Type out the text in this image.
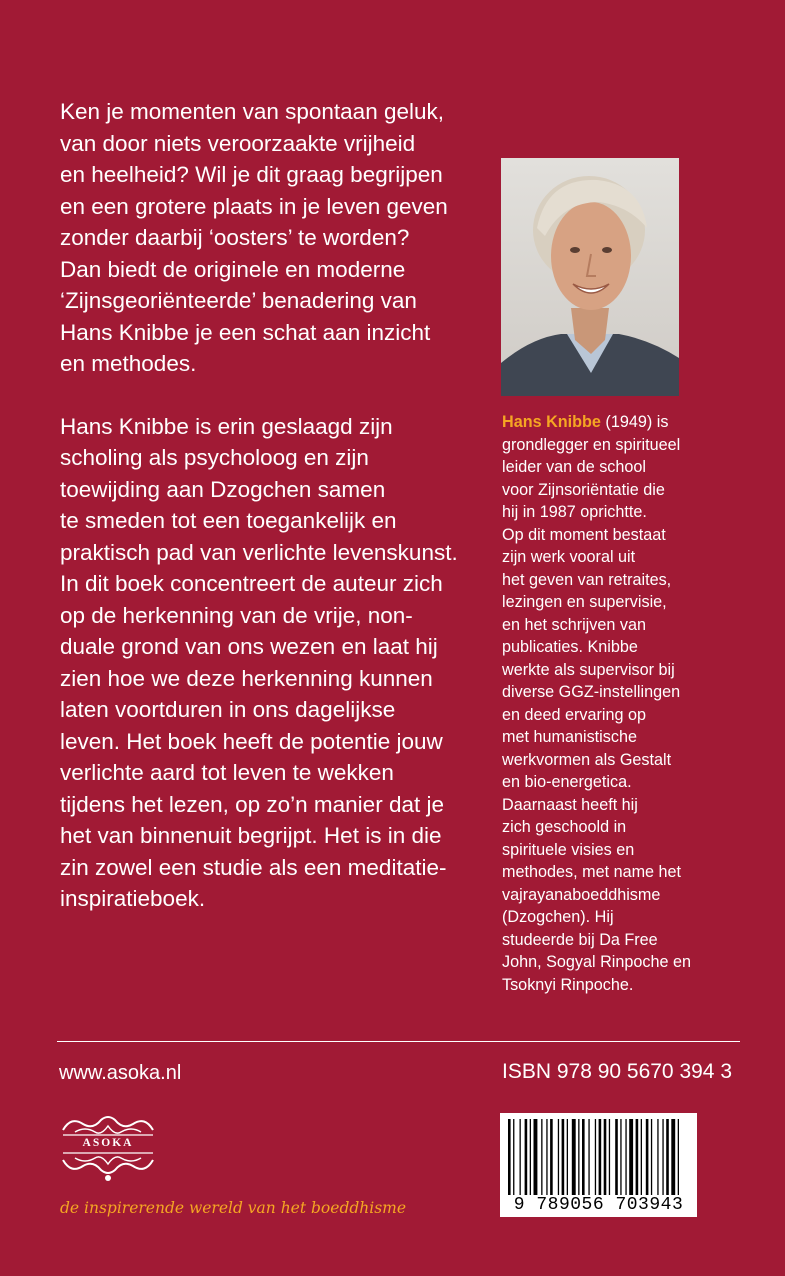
Ken je momenten van spontaan geluk,
van door niets veroorzaakte vrijheid
en heelheid? Wil je dit graag begrijpen
en een grotere plaats in je leven geven
zonder daarbij ‘oosters’ te worden?
Dan biedt de originele en moderne
‘Zijnsgeoriënteerde’ benadering van
Hans Knibbe je een schat aan inzicht
en methodes.
Hans Knibbe is erin geslaagd zijn
scholing als psycholoog en zijn
toewijding aan Dzogchen samen
te smeden tot een toegankelijk en
praktisch pad van verlichte levenskunst.
In dit boek concentreert de auteur zich
op de herkenning van de vrije, non-
duale grond van ons wezen en laat hij
zien hoe we deze herkenning kunnen
laten voortduren in ons dagelijkse
leven. Het boek heeft de potentie jouw
verlichte aard tot leven te wekken
tijdens het lezen, op zo’n manier dat je
het van binnenuit begrijpt. Het is in die
zin zowel een studie als een meditatie-
inspiratieboek.
Hans Knibbe (1949) is
grondlegger en spiritueel
leider van de school
voor Zijnsoriëntatie die
hij in 1987 oprichtte.
Op dit moment bestaat
zijn werk vooral uit
het geven van retraites,
lezingen en supervisie,
en het schrijven van
publicaties. Knibbe
werkte als supervisor bij
diverse GGZ-instellingen
en deed ervaring op
met humanistische
werkvormen als Gestalt
en bio-energetica.
Daarnaast heeft hij
zich geschoold in
spirituele visies en
methodes, met name het
vajrayanaboeddhisme
(Dzogchen). Hij
studeerde bij Da Free
John, Sogyal Rinpoche en
Tsoknyi Rinpoche.
www.asoka.nl	ISBN 978 90 5670 394 3
ASOKA
de inspirerende wereld van het boeddhisme	9 789056 703943
